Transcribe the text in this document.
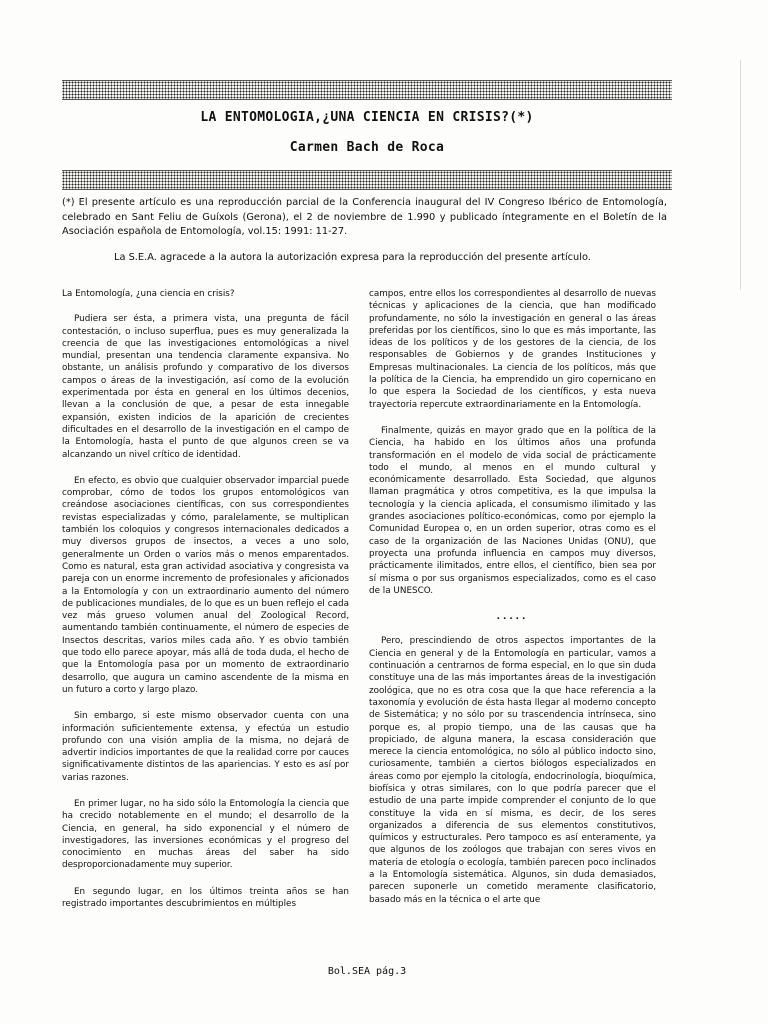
LA ENTOMOLOGIA,¿UNA CIENCIA EN CRISIS?(*)
Carmen Bach de Roca

(*) El presente artículo es una reproducción parcial de la Conferencia inaugural del IV Congreso Ibérico de Entomología, celebrado en Sant Feliu de Guíxols (Gerona), el 2 de noviembre de 1.990 y publicado íntegramente en el Boletín de la Asociación española de Entomología, vol.15: 1991: 11-27.

La S.E.A. agracede a la autora la autorización expresa para la reproducción del presente artículo.

La Entomología, ¿una ciencia en crisis?

Pudiera ser ésta, a primera vista, una pregunta de fácil contestación, o incluso superflua, pues es muy generalizada la creencia de que las investigaciones entomológicas a nivel mundial, presentan una tendencia claramente expansiva. No obstante, un análisis profundo y comparativo de los diversos campos o áreas de la investigación, así como de la evolución experimentada por ésta en general en los últimos decenios, llevan a la conclusión de que, a pesar de esta innegable expansión, existen indicios de la aparición de crecientes dificultades en el desarrollo de la investigación en el campo de la Entomología, hasta el punto de que algunos creen se va alcanzando un nivel crítico de identidad.

En efecto, es obvio que cualquier observador imparcial puede comprobar, cómo de todos los grupos entomológicos van creándose asociaciones científicas, con sus correspondientes revistas especializadas y cómo, paralelamente, se multiplican también los coloquios y congresos internacionales dedicados a muy diversos grupos de insectos, a veces a uno solo, generalmente un Orden o varios más o menos emparentados. Como es natural, esta gran actividad asociativa y congresista va pareja con un enorme incremento de profesionales y aficionados a la Entomología y con un extraordinario aumento del número de publicaciones mundiales, de lo que es un buen reflejo el cada vez más grueso volumen anual del Zoological Record, aumentando también continuamente, el número de especies de Insectos descritas, varios miles cada año. Y es obvio también que todo ello parece apoyar, más allá de toda duda, el hecho de que la Entomología pasa por un momento de extraordinario desarrollo, que augura un camino ascendente de la misma en un futuro a corto y largo plazo.

Sin embargo, si este mismo observador cuenta con una información suficientemente extensa, y efectúa un estudio profundo con una visión amplia de la misma, no dejará de advertir indicios importantes de que la realidad corre por cauces significativamente distintos de las apariencias. Y esto es así por varias razones.

En primer lugar, no ha sido sólo la Entomología la ciencia que ha crecido notablemente en el mundo; el desarrollo de la Ciencia, en general, ha sido exponencial y el número de investigadores, las inversiones económicas y el progreso del conocimiento en muchas áreas del saber ha sido desproporcionadamente muy superior.

En segundo lugar, en los últimos treinta años se han registrado importantes descubrimientos en múltiples

campos, entre ellos los correspondientes al desarrollo de nuevas técnicas y aplicaciones de la ciencia, que han modificado profundamente, no sólo la investigación en general o las áreas preferidas por los científicos, sino lo que es más importante, las ideas de los políticos y de los gestores de la ciencia, de los responsables de Gobiernos y de grandes Instituciones y Empresas multinacionales. La ciencia de los políticos, más que la política de la Ciencia, ha emprendido un giro copernicano en lo que espera la Sociedad de los científicos, y esta nueva trayectoria repercute extraordinariamente en la Entomología.

Finalmente, quizás en mayor grado que en la política de la Ciencia, ha habido en los últimos años una profunda transformación en el modelo de vida social de prácticamente todo el mundo, al menos en el mundo cultural y económicamente desarrollado. Esta Sociedad, que algunos llaman pragmática y otros competitiva, es la que impulsa la tecnología y la ciencia aplicada, el consumismo ilimitado y las grandes asociaciones político-económicas, como por ejemplo la Comunidad Europea o, en un orden superior, otras como es el caso de la organización de las Naciones Unidas (ONU), que proyecta una profunda influencia en campos muy diversos, prácticamente ilimitados, entre ellos, el científico, bien sea por sí misma o por sus organismos especializados, como es el caso de la UNESCO.

.....

Pero, prescindiendo de otros aspectos importantes de la Ciencia en general y de la Entomología en particular, vamos a continuación a centrarnos de forma especial, en lo que sin duda constituye una de las más importantes áreas de la investigación zoológica, que no es otra cosa que la que hace referencia a la taxonomía y evolución de ésta hasta llegar al moderno concepto de Sistemática; y no sólo por su trascendencia intrínseca, sino porque es, al propio tiempo, una de las causas que ha propiciado, de alguna manera, la escasa consideración que merece la ciencia entomológica, no sólo al público indocto sino, curiosamente, también a ciertos biólogos especializados en áreas como por ejemplo la citología, endocrinología, bioquímica, biofísica y otras similares, con lo que podría parecer que el estudio de una parte impide comprender el conjunto de lo que constituye la vida en sí misma, es decir, de los seres organizados a diferencia de sus elementos constitutivos, químicos y estructurales. Pero tampoco es así enteramente, ya que algunos de los zoólogos que trabajan con seres vivos en materia de etología o ecología, también parecen poco inclinados a la Entomología sistemática. Algunos, sin duda demasiados, parecen suponerle un cometido meramente clasificatorio, basado más en la técnica o el arte que

Bol.SEA pág.3
